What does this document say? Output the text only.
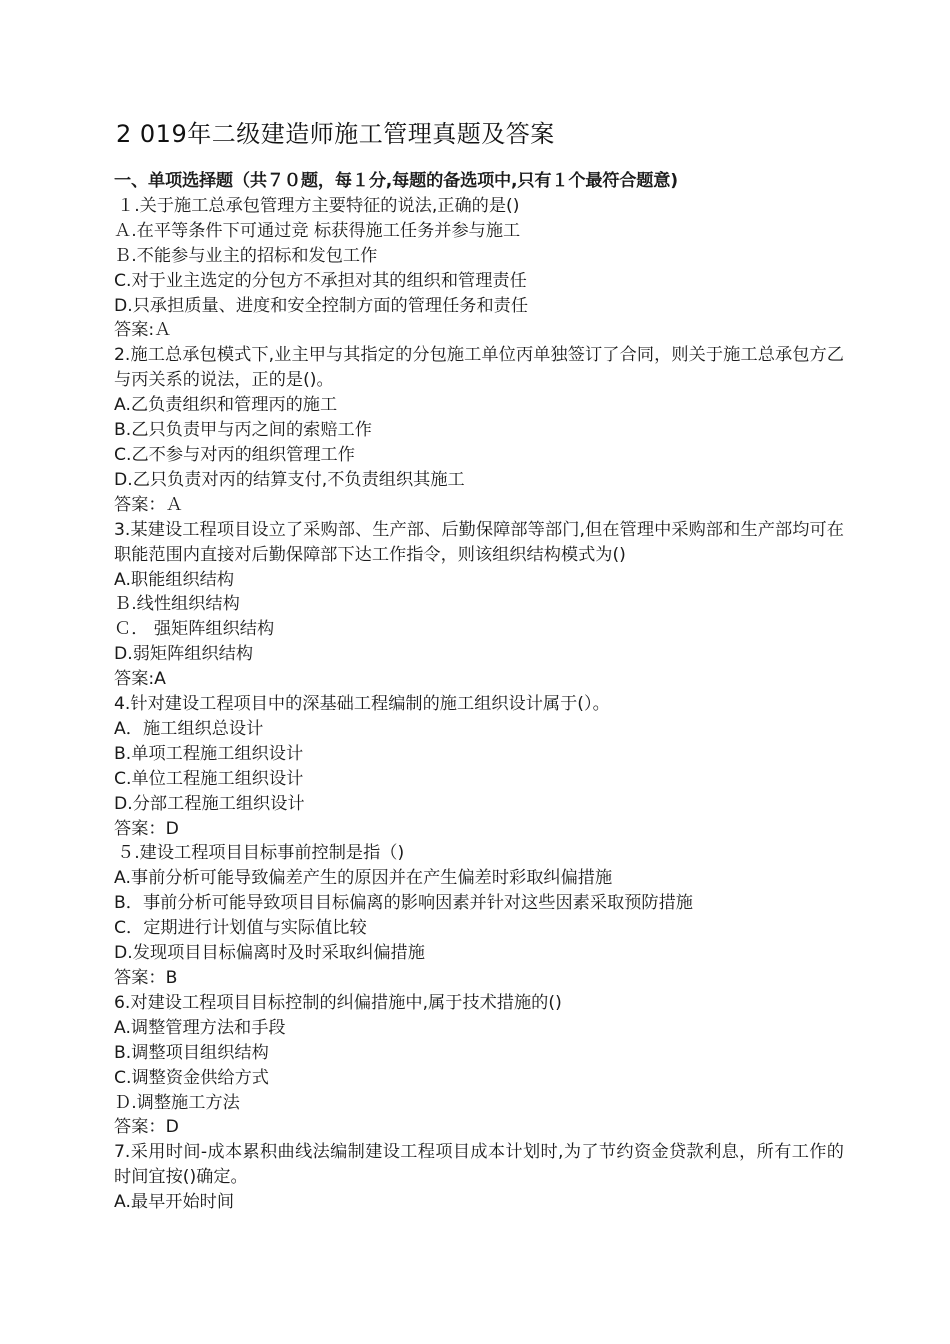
2 019年二级建造师施工管理真题及答案
一、单项选择题（共７０题，每１分,每题的备选项中,只有１个最符合题意)
１.关于施工总承包管理方主要特征的说法,正确的是()
Ａ.在平等条件下可通过竞 标获得施工任务并参与施工
Ｂ.不能参与业主的招标和发包工作
C.对于业主选定的分包方不承担对其的组织和管理责任
D.只承担质量、进度和安全控制方面的管理任务和责任
答案:Ａ
2.施工总承包模式下,业主甲与其指定的分包施工单位丙单独签订了合同，则关于施工总承包方乙与丙关系的说法，正的是()。
A.乙负责组织和管理丙的施工
B.乙只负责甲与丙之间的索赔工作
C.乙不参与对丙的组织管理工作
D.乙只负责对丙的结算支付,不负责组织其施工
答案：Ａ
3.某建设工程项目设立了采购部、生产部、后勤保障部等部门,但在管理中采购部和生产部均可在职能范围内直接对后勤保障部下达工作指令，则该组织结构模式为()
A.职能组织结构
Ｂ.线性组织结构
Ｃ． 强矩阵组织结构
D.弱矩阵组织结构
答案:A
4.针对建设工程项目中的深基础工程编制的施工组织设计属于(）。
A．施工组织总设计
B.单项工程施工组织设计
C.单位工程施工组织设计
D.分部工程施工组织设计
答案：D
５.建设工程项目目标事前控制是指（)
A.事前分析可能导致偏差产生的原因并在产生偏差时彩取纠偏措施
B．事前分析可能导致项目目标偏离的影响因素并针对这些因素采取预防措施
C．定期进行计划值与实际值比较
D.发现项目目标偏离时及时采取纠偏措施
答案：B
6.对建设工程项目目标控制的纠偏措施中,属于技术措施的()
A.调整管理方法和手段
B.调整项目组织结构
C.调整资金供给方式
Ｄ.调整施工方法
答案：D
7.采用时间-成本累积曲线法编制建设工程项目成本计划时,为了节约资金贷款利息，所有工作的时间宜按()确定。
A.最早开始时间
